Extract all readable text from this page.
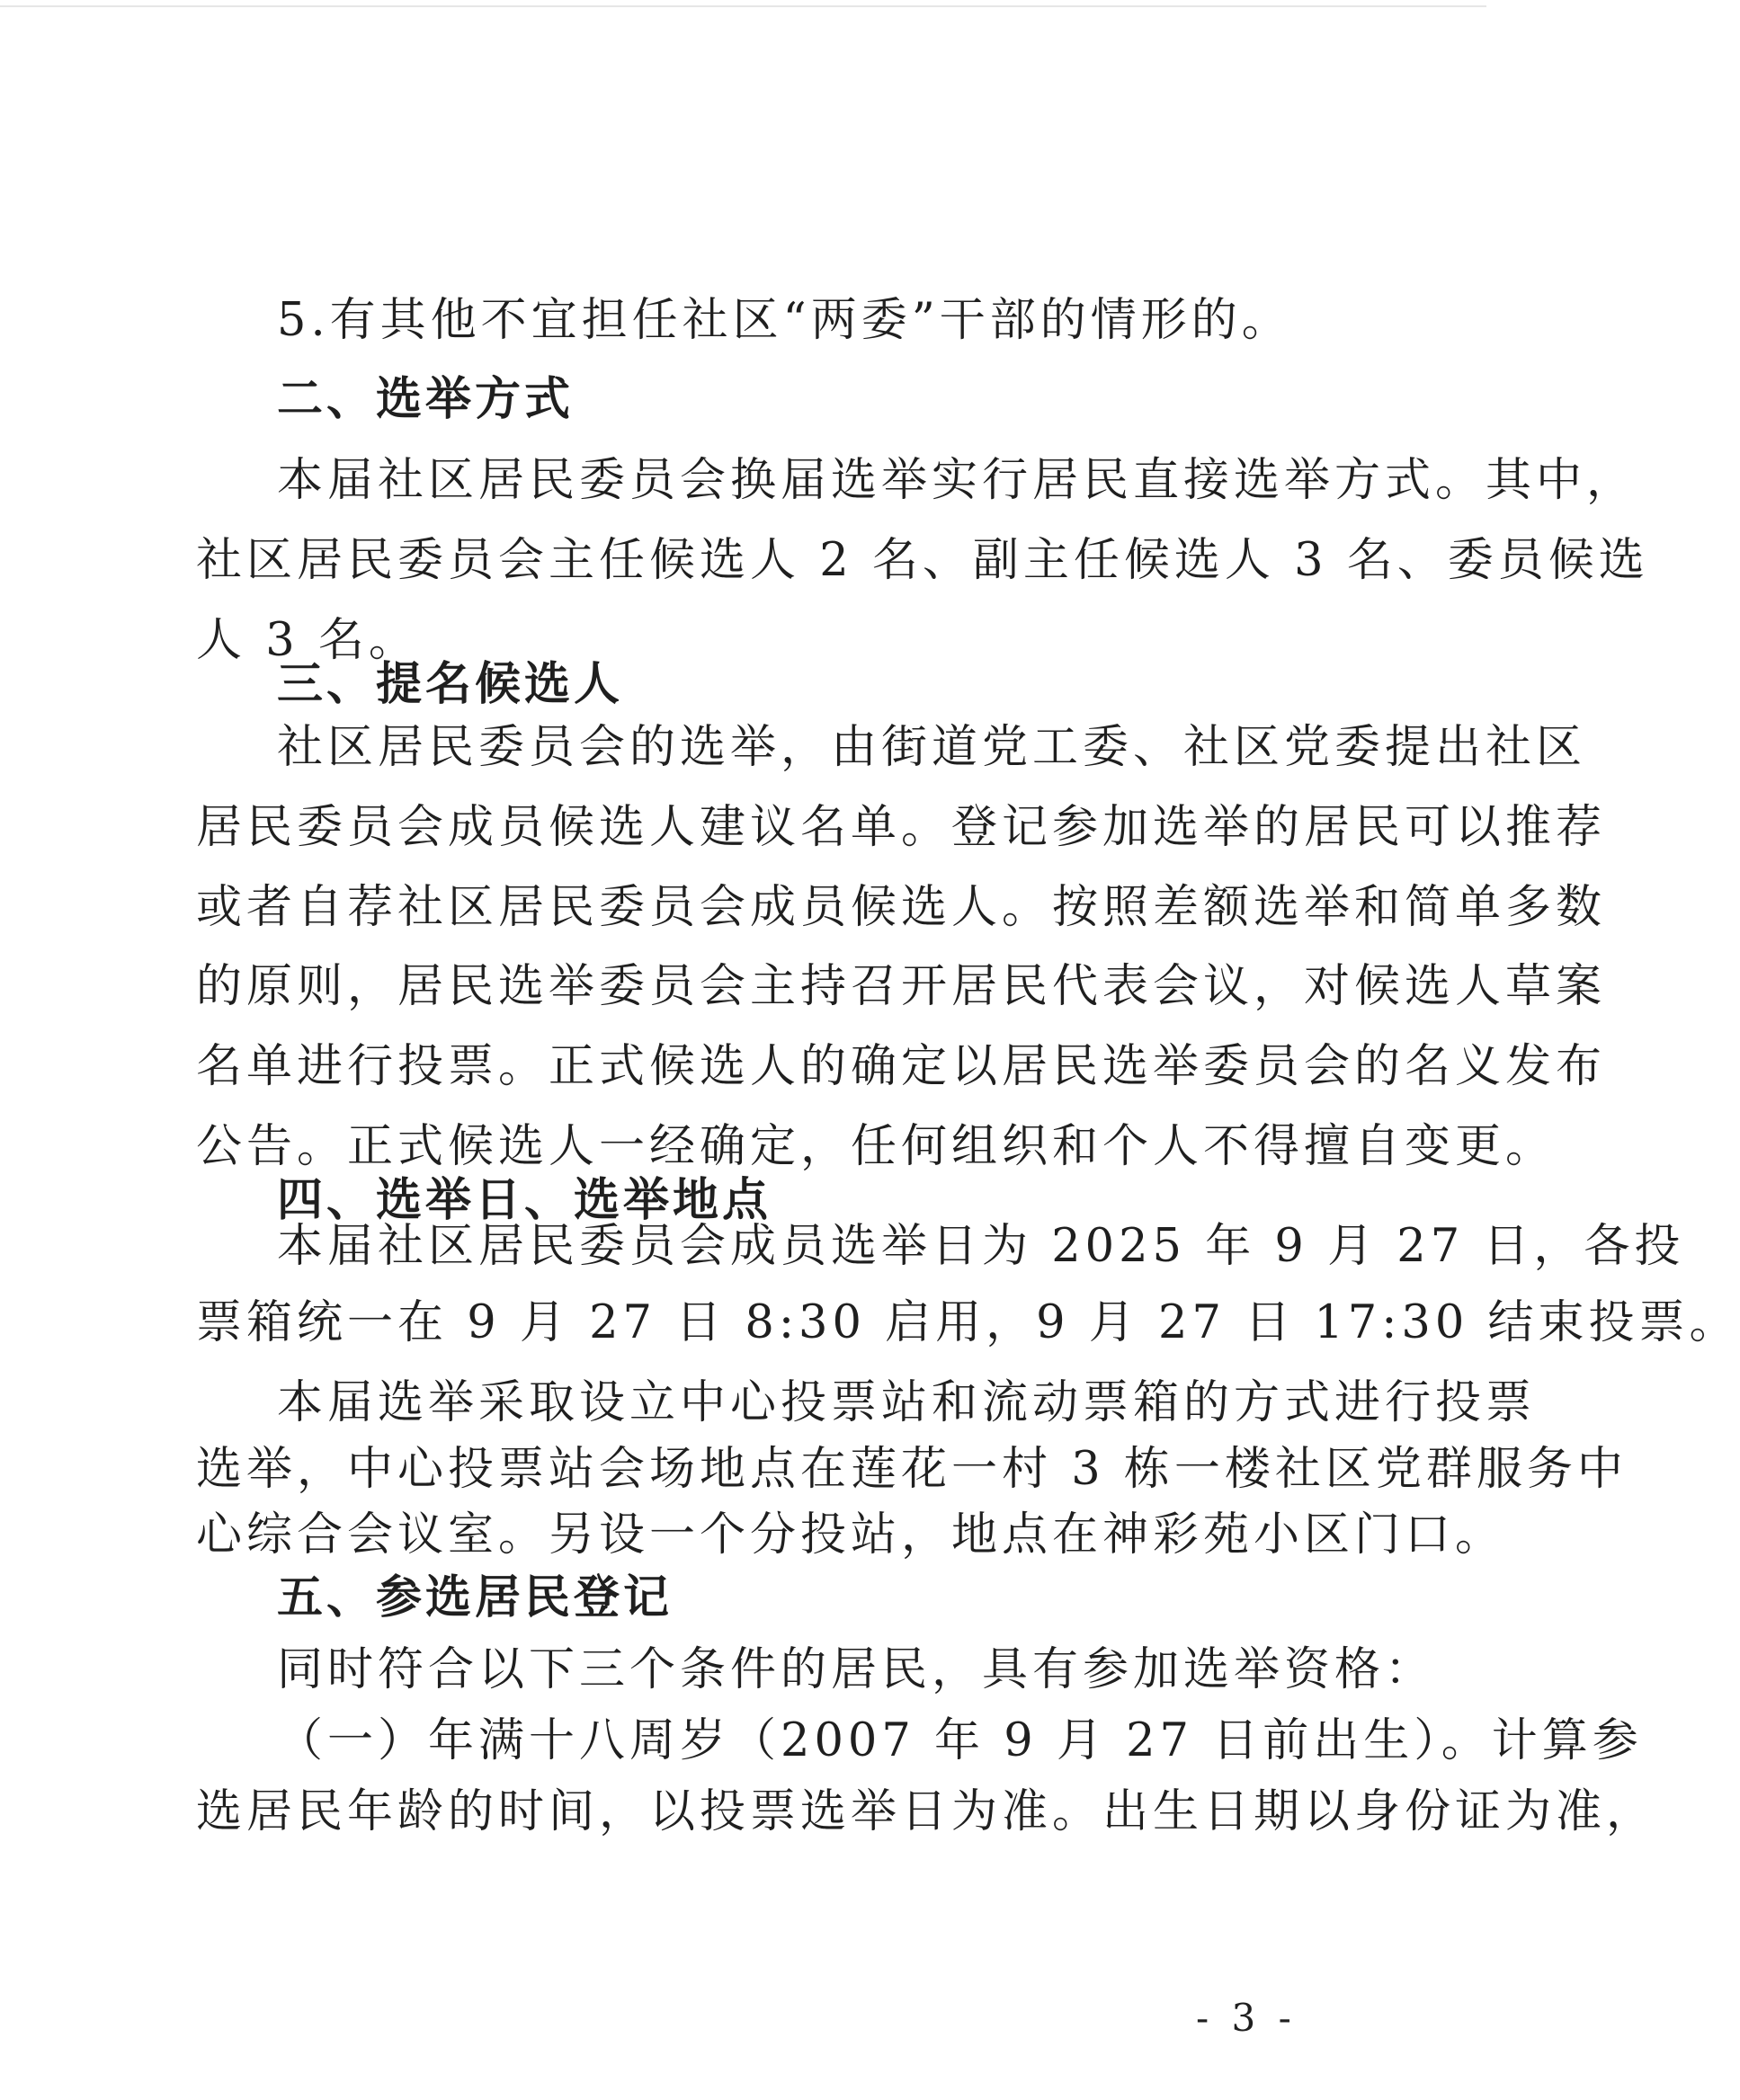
5.有其他不宜担任社区“两委”干部的情形的。
二、选举方式
本届社区居民委员会换届选举实行居民直接选举方式。其中，
社区居民委员会主任候选人 2 名、副主任候选人 3 名、委员候选
人 3 名。
三、提名候选人
社区居民委员会的选举，由街道党工委、社区党委提出社区
居民委员会成员候选人建议名单。登记参加选举的居民可以推荐
或者自荐社区居民委员会成员候选人。按照差额选举和简单多数
的原则，居民选举委员会主持召开居民代表会议，对候选人草案
名单进行投票。正式候选人的确定以居民选举委员会的名义发布
公告。正式候选人一经确定，任何组织和个人不得擅自变更。
四、选举日、选举地点
本届社区居民委员会成员选举日为 2025 年 9 月 27 日，各投
票箱统一在 9 月 27 日 8:30 启用，9 月 27 日 17:30 结束投票。
本届选举采取设立中心投票站和流动票箱的方式进行投票
选举，中心投票站会场地点在莲花一村 3 栋一楼社区党群服务中
心综合会议室。另设一个分投站，地点在神彩苑小区门口。
五、参选居民登记
同时符合以下三个条件的居民，具有参加选举资格：
（一）年满十八周岁（2007 年 9 月 27 日前出生）。计算参
选居民年龄的时间，以投票选举日为准。出生日期以身份证为准，
- 3 -
